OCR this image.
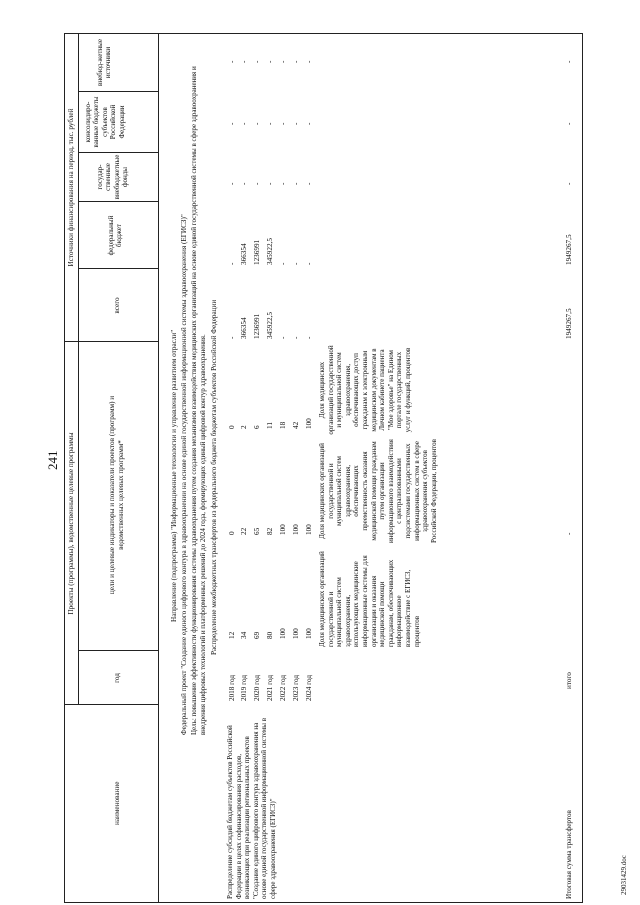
241
29031429.doc
наименование
Проекты (программы), ведомственные целевые программы
год
цели и целевые индикаторы и показатели проектов (программ) и ведомственных целевых программ*
Источники финансирования на период, тыс. рублей
всего
федеральный бюджет
государ-ственные внебюджетные фонды
консолидиро-ванные бюджеты субъектов Российской Федерации
внебюд-жетные источники
Направление (подпрограмма) "Информационные технологии и управление развитием отрасли" Федеральный проект "Создание единого цифрового контура в здравоохранении на основе единой государственной информационной системы здравоохранения (ЕГИСЗ)" Цель: повышение эффективности функционирования системы здравоохранения путем создания механизмов взаимодействия медицинских организаций на основе единой государственной системы в сфере здравоохранения и внедрения цифровых технологий и платформенных решений до 2024 года, формирующих единый цифровой контур здравоохранения. Распределение межбюджетных трансфертов из федерального бюджета бюджетам субъектов Российской Федерации
Распределение субсидий бюджетам субъектов Российской Федерации в целях софинансирования расходов, возникающих при реализации региональных проектов "Создание единого цифрового контура здравоохранения на основе единой государственной информационной системы в сфере здравоохранения (ЕГИСЗ)"
2018 год 2019 год 2020 год 2021 год 2022 год 2023 год 2024 год
12 34 69 80 100 100 100
0 22 65 82 100 100 100
0 2 6 11 18 42 100
- 366354 1236991 345922,5 - - -
- 366354 1236991 345922,5 - - -
- - - - - - -
- - - - - - -
- - - - - - -
Доля медицинских организаций государственной и муниципальной систем здравоохранения, использующих медицинские информационные системы для организации и оказания медицинской помощи гражданам, обеспечивающих информационное взаимодействие с ЕГИСЗ, процентов
Доля медицинских организаций государственной и муниципальной систем здравоохранения, обеспечивающих преемственность оказания медицинской помощи гражданам путем организации информационного взаимодействия с централизованными подсистемами государственных информационных систем в сфере здравоохранения субъектов Российской Федерации, процентов
Доля медицинских организаций государственной и муниципальной систем здравоохранения, обеспечивающих доступ гражданам к электронным медицинским документам в Личном кабинете пациента "Мое здоровье" на Едином портале государственных услуг и функций, процентов
Итоговая сумма трансфертов
итого
-
1949267,5
1949267,5
-
-
-
